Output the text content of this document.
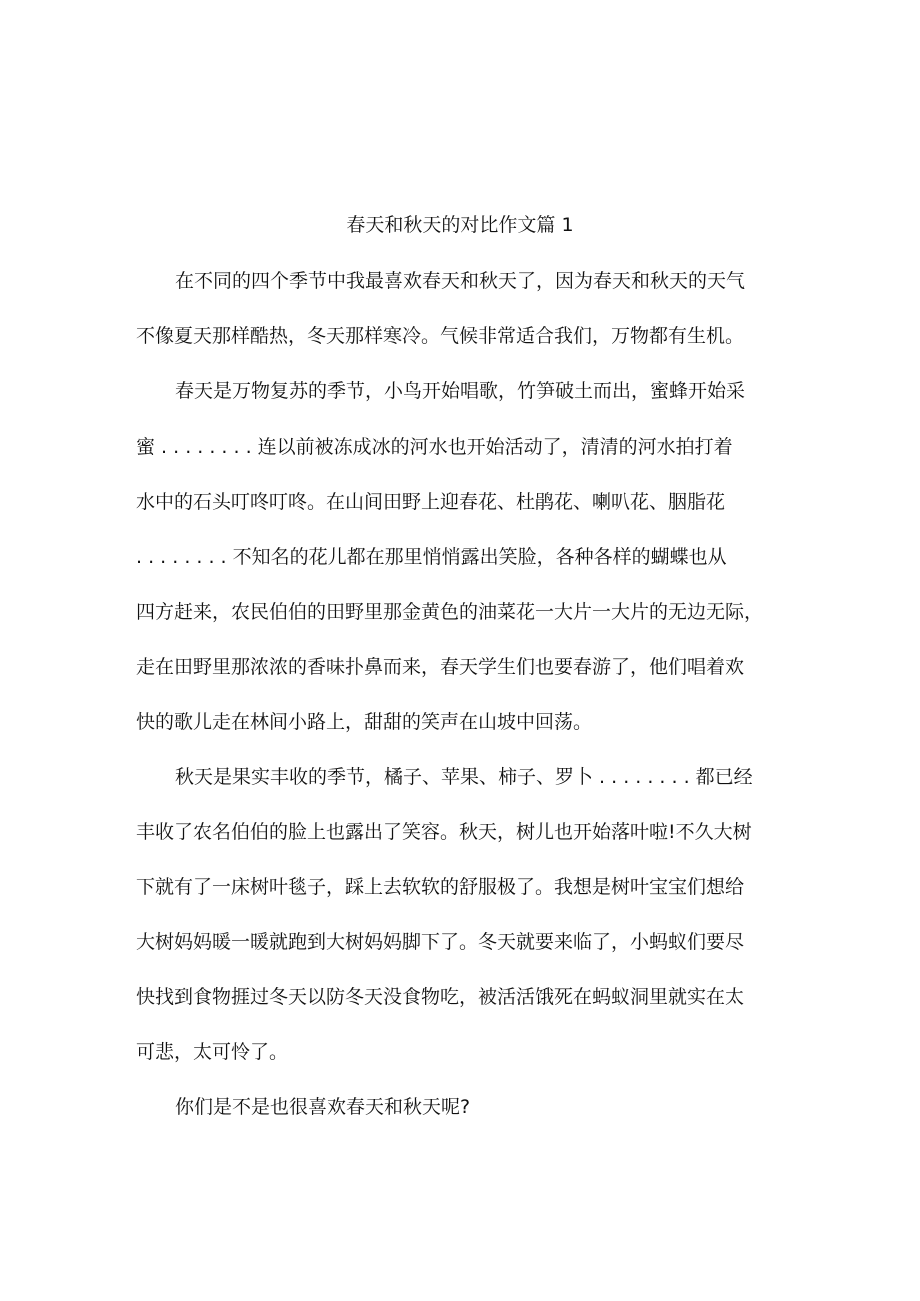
春天和秋天的对比作文篇 1
在不同的四个季节中我最喜欢春天和秋天了，因为春天和秋天的天气
不像夏天那样酷热，冬天那样寒冷。气候非常适合我们，万物都有生机。
春天是万物复苏的季节，小鸟开始唱歌，竹笋破土而出，蜜蜂开始采
蜜 . . . . . . . . 连以前被冻成冰的河水也开始活动了，清清的河水拍打着
水中的石头叮咚叮咚。在山间田野上迎春花、杜鹃花、喇叭花、胭脂花
. . . . . . . . 不知名的花儿都在那里悄悄露出笑脸，各种各样的蝴蝶也从
四方赶来，农民伯伯的田野里那金黄色的油菜花一大片一大片的无边无际，
走在田野里那浓浓的香味扑鼻而来，春天学生们也要春游了，他们唱着欢
快的歌儿走在林间小路上，甜甜的笑声在山坡中回荡。
秋天是果实丰收的季节，橘子、苹果、柿子、罗卜 . . . . . . . . 都已经
丰收了农名伯伯的脸上也露出了笑容。秋天，树儿也开始落叶啦!不久大树
下就有了一床树叶毯子，踩上去软软的舒服极了。我想是树叶宝宝们想给
大树妈妈暖一暖就跑到大树妈妈脚下了。冬天就要来临了，小蚂蚁们要尽
快找到食物捱过冬天以防冬天没食物吃，被活活饿死在蚂蚁洞里就实在太
可悲，太可怜了。
你们是不是也很喜欢春天和秋天呢?
